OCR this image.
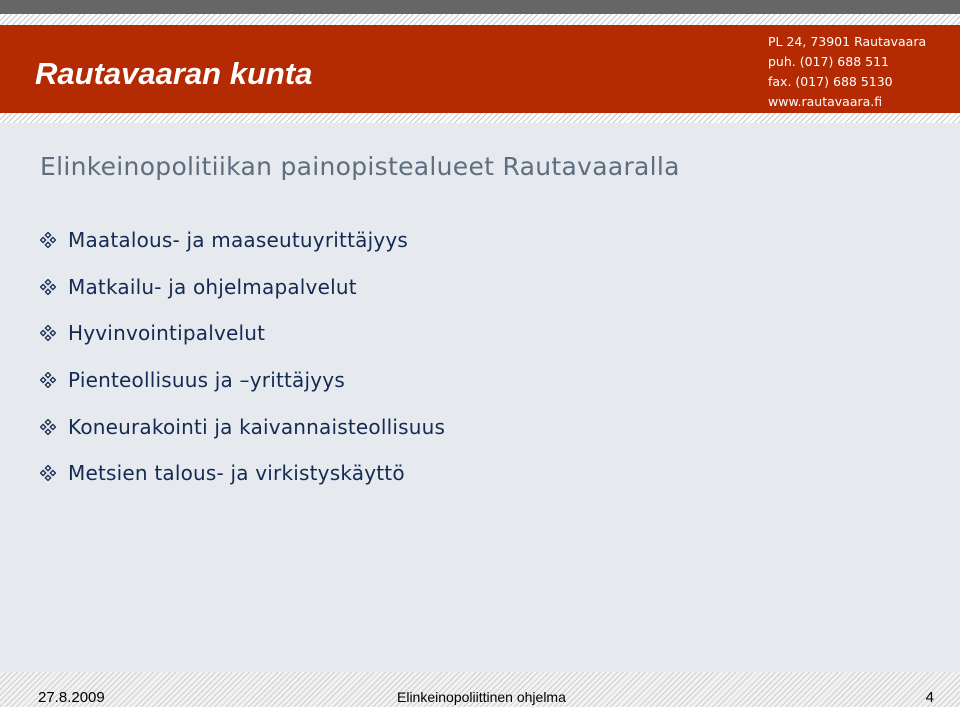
Rautavaaran kunta
PL 24, 73901 Rautavaara
puh. (017) 688 511
fax. (017) 688 5130
www.rautavaara.fi
Elinkeinopolitiikan painopistealueet Rautavaaralla
Maatalous- ja maaseutuyrittäjyys
Matkailu- ja ohjelmapalvelut
Hyvinvointipalvelut
Pienteollisuus ja –yrittäjyys
Koneurakointi ja kaivannaisteollisuus
Metsien talous- ja virkistyskäyttö
27.8.2009	Elinkeinopoliittinen ohjelma	4
